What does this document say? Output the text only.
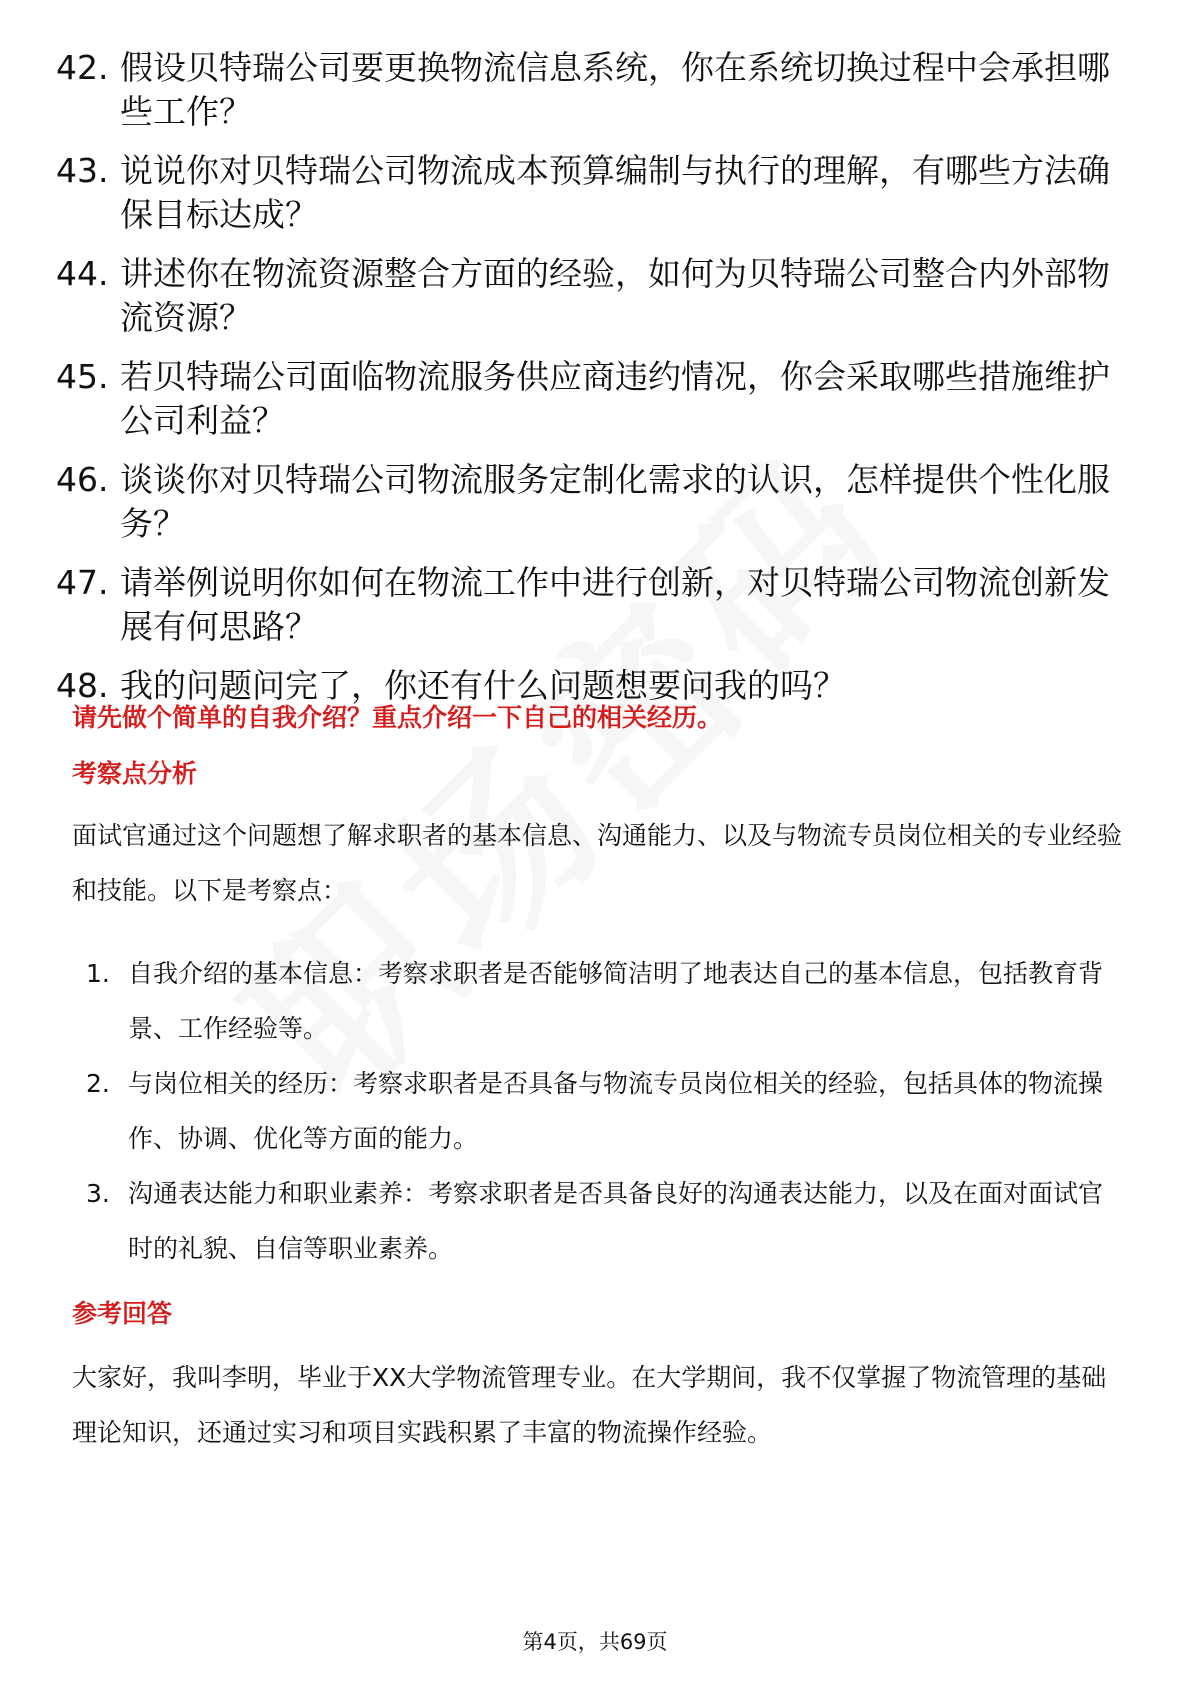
42. 假设贝特瑞公司要更换物流信息系统，你在系统切换过程中会承担哪些工作？
43. 说说你对贝特瑞公司物流成本预算编制与执行的理解，有哪些方法确保目标达成？
44. 讲述你在物流资源整合方面的经验，如何为贝特瑞公司整合内外部物流资源？
45. 若贝特瑞公司面临物流服务供应商违约情况，你会采取哪些措施维护公司利益？
46. 谈谈你对贝特瑞公司物流服务定制化需求的认识，怎样提供个性化服务？
47. 请举例说明你如何在物流工作中进行创新，对贝特瑞公司物流创新发展有何思路？
48. 我的问题问完了，你还有什么问题想要问我的吗？
请先做个简单的自我介绍？重点介绍一下自己的相关经历。
考察点分析
面试官通过这个问题想了解求职者的基本信息、沟通能力、以及与物流专员岗位相关的专业经验和技能。以下是考察点：
1. 自我介绍的基本信息：考察求职者是否能够简洁明了地表达自己的基本信息，包括教育背景、工作经验等。
2. 与岗位相关的经历：考察求职者是否具备与物流专员岗位相关的经验，包括具体的物流操作、协调、优化等方面的能力。
3. 沟通表达能力和职业素养：考察求职者是否具备良好的沟通表达能力，以及在面对面试官时的礼貌、自信等职业素养。
参考回答
大家好，我叫李明，毕业于XX大学物流管理专业。在大学期间，我不仅掌握了物流管理的基础理论知识，还通过实习和项目实践积累了丰富的物流操作经验。
第4页，共69页
